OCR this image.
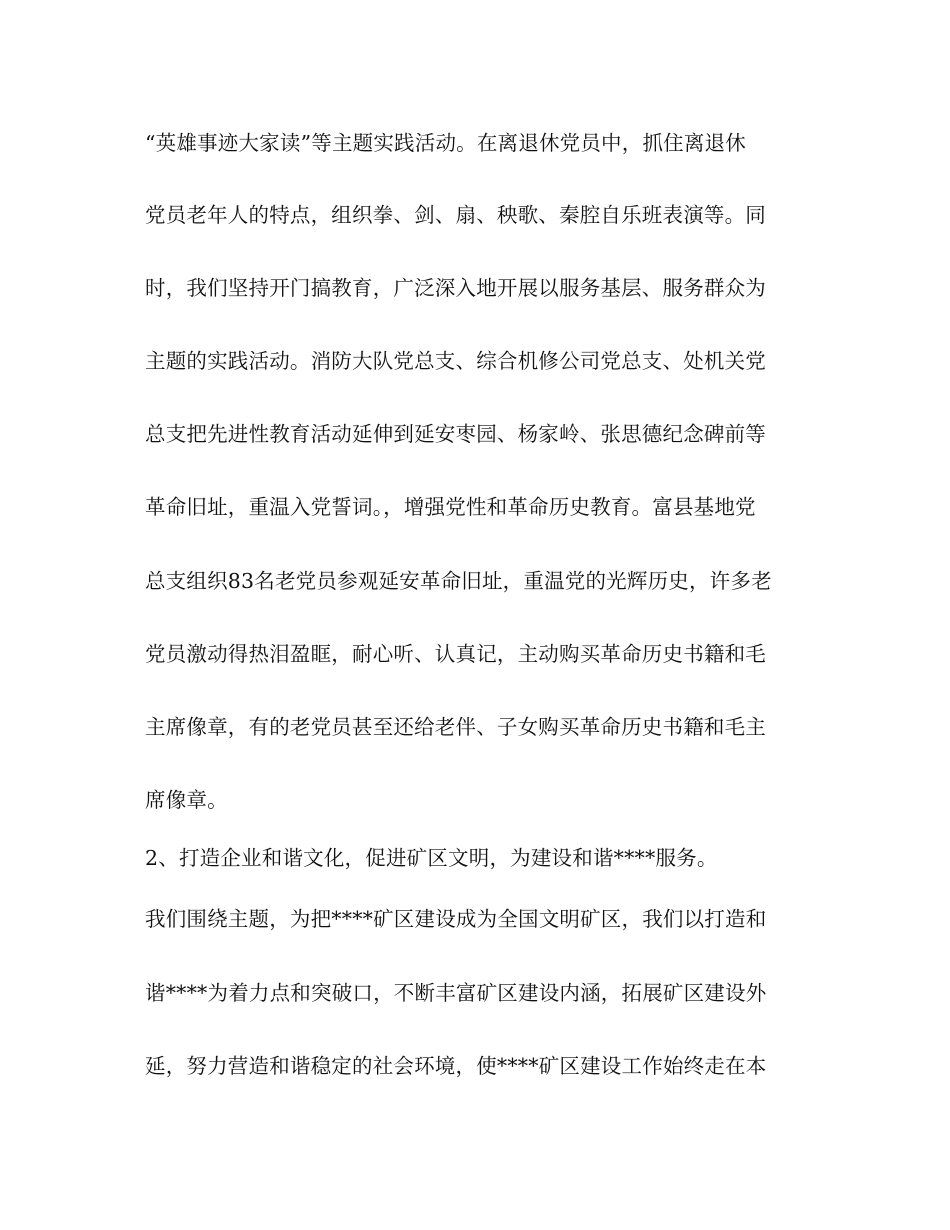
“英雄事迹大家读”等主题实践活动。在离退休党员中，抓住离退休
党员老年人的特点，组织拳、剑、扇、秧歌、秦腔自乐班表演等。同
时，我们坚持开门搞教育，广泛深入地开展以服务基层、服务群众为
主题的实践活动。消防大队党总支、综合机修公司党总支、处机关党
总支把先进性教育活动延伸到延安枣园、杨家岭、张思德纪念碑前等
革命旧址，重温入党誓词。，增强党性和革命历史教育。富县基地党
总支组织83名老党员参观延安革命旧址，重温党的光辉历史，许多老
党员激动得热泪盈眶，耐心听、认真记，主动购买革命历史书籍和毛
主席像章，有的老党员甚至还给老伴、子女购买革命历史书籍和毛主
席像章。
2、打造企业和谐文化，促进矿区文明，为建设和谐****服务。
我们围绕主题，为把****矿区建设成为全国文明矿区，我们以打造和
谐****为着力点和突破口，不断丰富矿区建设内涵，拓展矿区建设外
延，努力营造和谐稳定的社会环境，使****矿区建设工作始终走在本
